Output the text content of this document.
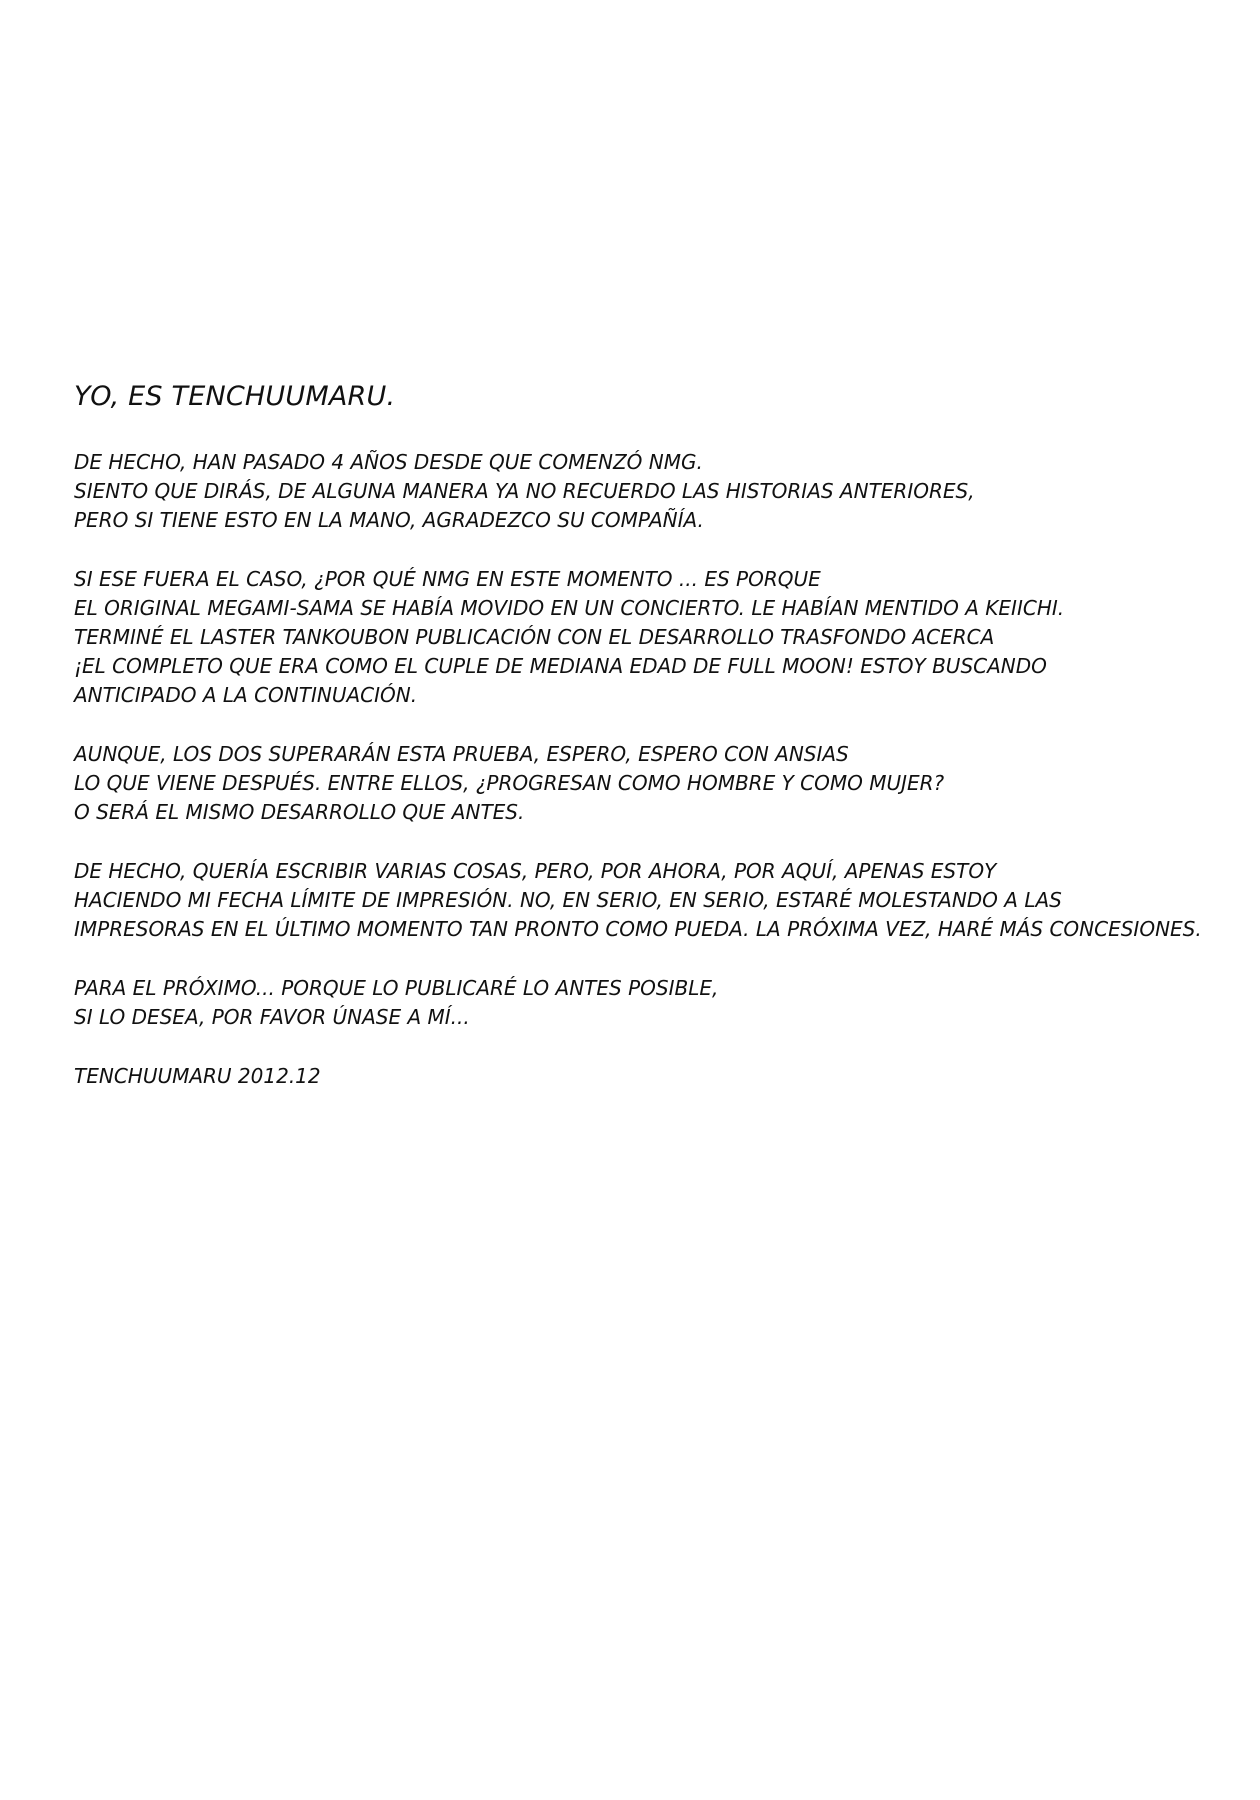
YO, ES TENCHUUMARU.
DE HECHO, HAN PASADO 4 AÑOS DESDE QUE COMENZÓ NMG.
SIENTO QUE DIRÁS, DE ALGUNA MANERA YA NO RECUERDO LAS HISTORIAS ANTERIORES,
PERO SI TIENE ESTO EN LA MANO, AGRADEZCO SU COMPAÑÍA.
SI ESE FUERA EL CASO, ¿POR QUÉ NMG EN ESTE MOMENTO ... ES PORQUE
EL ORIGINAL MEGAMI-SAMA SE HABÍA MOVIDO EN UN CONCIERTO. LE HABÍAN MENTIDO A KEIICHI.
TERMINÉ EL LASTER TANKOUBON PUBLICACIÓN CON EL DESARROLLO TRASFONDO ACERCA
¡EL COMPLETO QUE ERA COMO EL CUPLE DE MEDIANA EDAD DE FULL MOON! ESTOY BUSCANDO
ANTICIPADO A LA CONTINUACIÓN.
AUNQUE, LOS DOS SUPERARÁN ESTA PRUEBA, ESPERO, ESPERO CON ANSIAS
LO QUE VIENE DESPUÉS. ENTRE ELLOS, ¿PROGRESAN COMO HOMBRE Y COMO MUJER?
O SERÁ EL MISMO DESARROLLO QUE ANTES.
DE HECHO, QUERÍA ESCRIBIR VARIAS COSAS, PERO, POR AHORA, POR AQUÍ, APENAS ESTOY
HACIENDO MI FECHA LÍMITE DE IMPRESIÓN. NO, EN SERIO, EN SERIO, ESTARÉ MOLESTANDO A LAS
IMPRESORAS EN EL ÚLTIMO MOMENTO TAN PRONTO COMO PUEDA. LA PRÓXIMA VEZ, HARÉ MÁS CONCESIONES.
PARA EL PRÓXIMO... PORQUE LO PUBLICARÉ LO ANTES POSIBLE,
SI LO DESEA, POR FAVOR ÚNASE A MÍ...
TENCHUUMARU 2012.12
